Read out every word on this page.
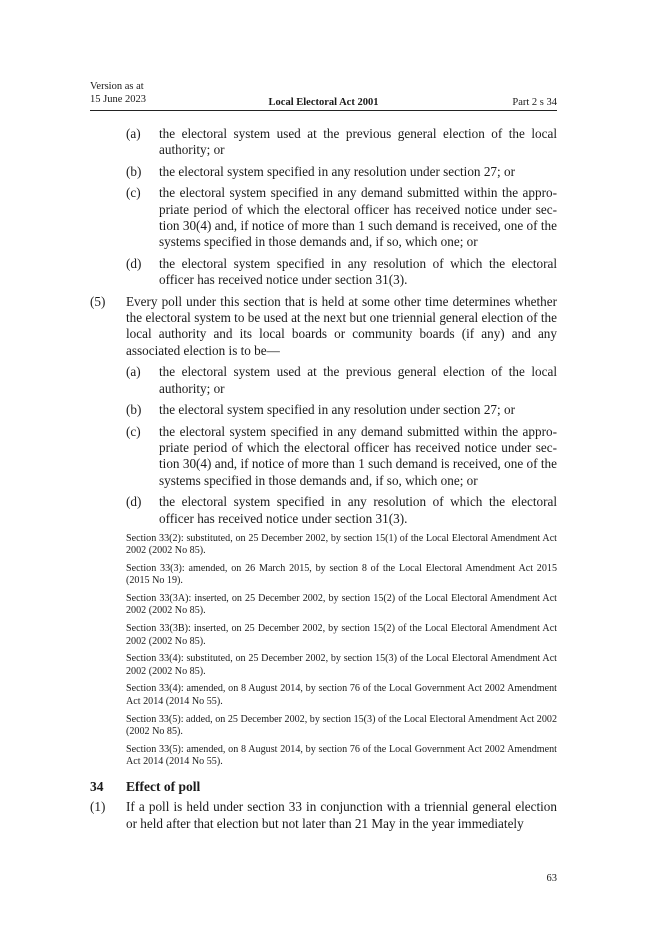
Version as at
15 June 2023	Local Electoral Act 2001	Part 2 s 34
(a) the electoral system used at the previous general election of the local authority; or
(b) the electoral system specified in any resolution under section 27; or
(c) the electoral system specified in any demand submitted within the appropriate period of which the electoral officer has received notice under section 30(4) and, if notice of more than 1 such demand is received, one of the systems specified in those demands and, if so, which one; or
(d) the electoral system specified in any resolution of which the electoral officer has received notice under section 31(3).
(5) Every poll under this section that is held at some other time determines whether the electoral system to be used at the next but one triennial general election of the local authority and its local boards or community boards (if any) and any associated election is to be—
(a) the electoral system used at the previous general election of the local authority; or
(b) the electoral system specified in any resolution under section 27; or
(c) the electoral system specified in any demand submitted within the appropriate period of which the electoral officer has received notice under section 30(4) and, if notice of more than 1 such demand is received, one of the systems specified in those demands and, if so, which one; or
(d) the electoral system specified in any resolution of which the electoral officer has received notice under section 31(3).
Section 33(2): substituted, on 25 December 2002, by section 15(1) of the Local Electoral Amendment Act 2002 (2002 No 85).
Section 33(3): amended, on 26 March 2015, by section 8 of the Local Electoral Amendment Act 2015 (2015 No 19).
Section 33(3A): inserted, on 25 December 2002, by section 15(2) of the Local Electoral Amendment Act 2002 (2002 No 85).
Section 33(3B): inserted, on 25 December 2002, by section 15(2) of the Local Electoral Amendment Act 2002 (2002 No 85).
Section 33(4): substituted, on 25 December 2002, by section 15(3) of the Local Electoral Amendment Act 2002 (2002 No 85).
Section 33(4): amended, on 8 August 2014, by section 76 of the Local Government Act 2002 Amendment Act 2014 (2014 No 55).
Section 33(5): added, on 25 December 2002, by section 15(3) of the Local Electoral Amendment Act 2002 (2002 No 85).
Section 33(5): amended, on 8 August 2014, by section 76 of the Local Government Act 2002 Amendment Act 2014 (2014 No 55).
34 Effect of poll
(1) If a poll is held under section 33 in conjunction with a triennial general election or held after that election but not later than 21 May in the year immediately
63
